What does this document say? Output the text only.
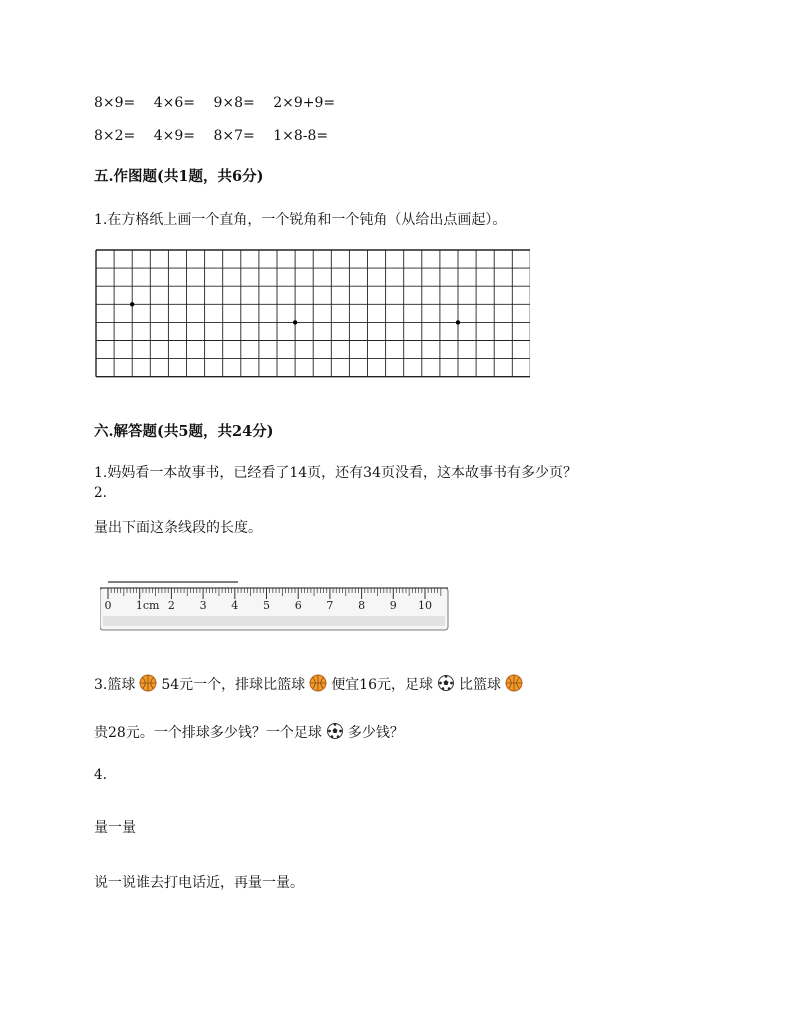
8×9= 4×6= 9×8= 2×9+9=
8×2= 4×9= 8×7= 1×8-8=
五.作图题(共1题，共6分)
1.在方格纸上画一个直角，一个锐角和一个钝角（从给出点画起）。
六.解答题(共5题，共24分)
1.妈妈看一本故事书，已经看了14页，还有34页没看，这本故事书有多少页？
2.
量出下面这条线段的长度。
0 1cm 2 3 4 5 6 7 8 9 10
3.篮球 54元一个，排球比篮球 便宜16元，足球 比篮球
贵28元。一个排球多少钱？一个足球 多少钱？
4.
量一量
说一说谁去打电话近，再量一量。
